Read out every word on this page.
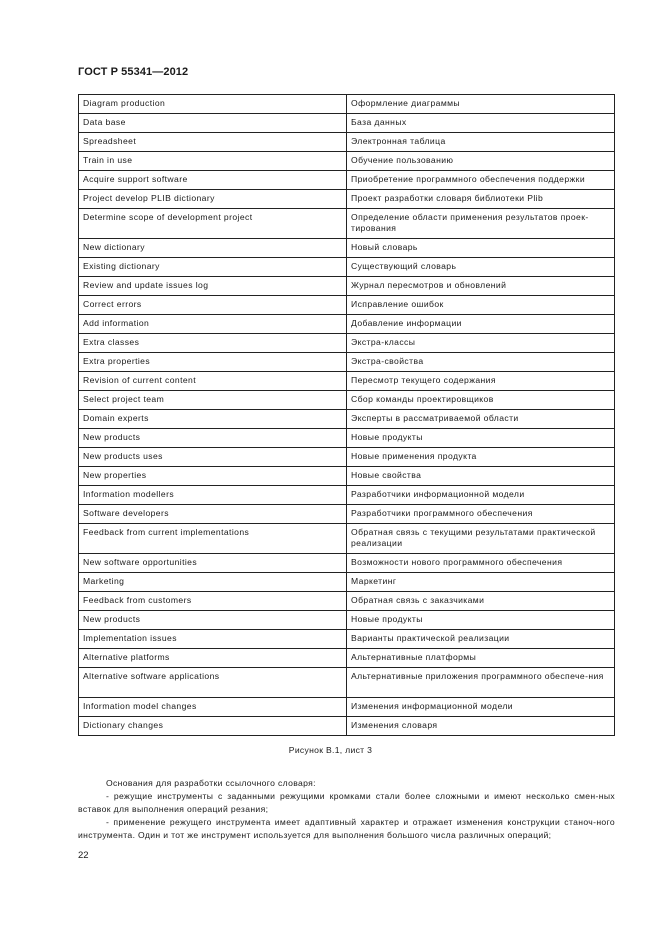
ГОСТ Р 55341—2012
Diagram production	Оформление диаграммы
Data base	База данных
Spreadsheet	Электронная таблица
Train in use	Обучение пользованию
Acquire support software	Приобретение программного обеспечения поддержки
Project develop PLIB dictionary	Проект разработки словаря библиотеки Plib
Determine scope of development project	Определение области применения результатов проек-тирования
New dictionary	Новый словарь
Existing dictionary	Существующий словарь
Review and update issues log	Журнал пересмотров и обновлений
Correct errors	Исправление ошибок
Add information	Добавление информации
Extra classes	Экстра-классы
Extra properties	Экстра-свойства
Revision of current content	Пересмотр текущего содержания
Select project team	Сбор команды проектировщиков
Domain experts	Эксперты в рассматриваемой области
New products	Новые продукты
New products uses	Новые применения продукта
New properties	Новые свойства
Information modellers	Разработчики информационной модели
Software developers	Разработчики программного обеспечения
Feedback from current implementations	Обратная связь с текущими результатами практической реализации
New software opportunities	Возможности нового программного обеспечения
Marketing	Маркетинг
Feedback from customers	Обратная связь с заказчиками
New products	Новые продукты
Implementation issues	Варианты практической реализации
Alternative platforms	Альтернативные платформы
Alternative software applications	Альтернативные приложения программного обеспече-ния
Information model changes	Изменения информационной модели
Dictionary changes	Изменения словаря
Рисунок В.1, лист 3

Основания для разработки ссылочного словаря:

- режущие инструменты с заданными режущими кромками стали более сложными и имеют несколько смен-ных вставок для выполнения операций резания;

- применение режущего инструмента имеет адаптивный характер и отражает изменения конструкции станоч-ного инструмента. Один и тот же инструмент используется для выполнения большого числа различных операций;

22
